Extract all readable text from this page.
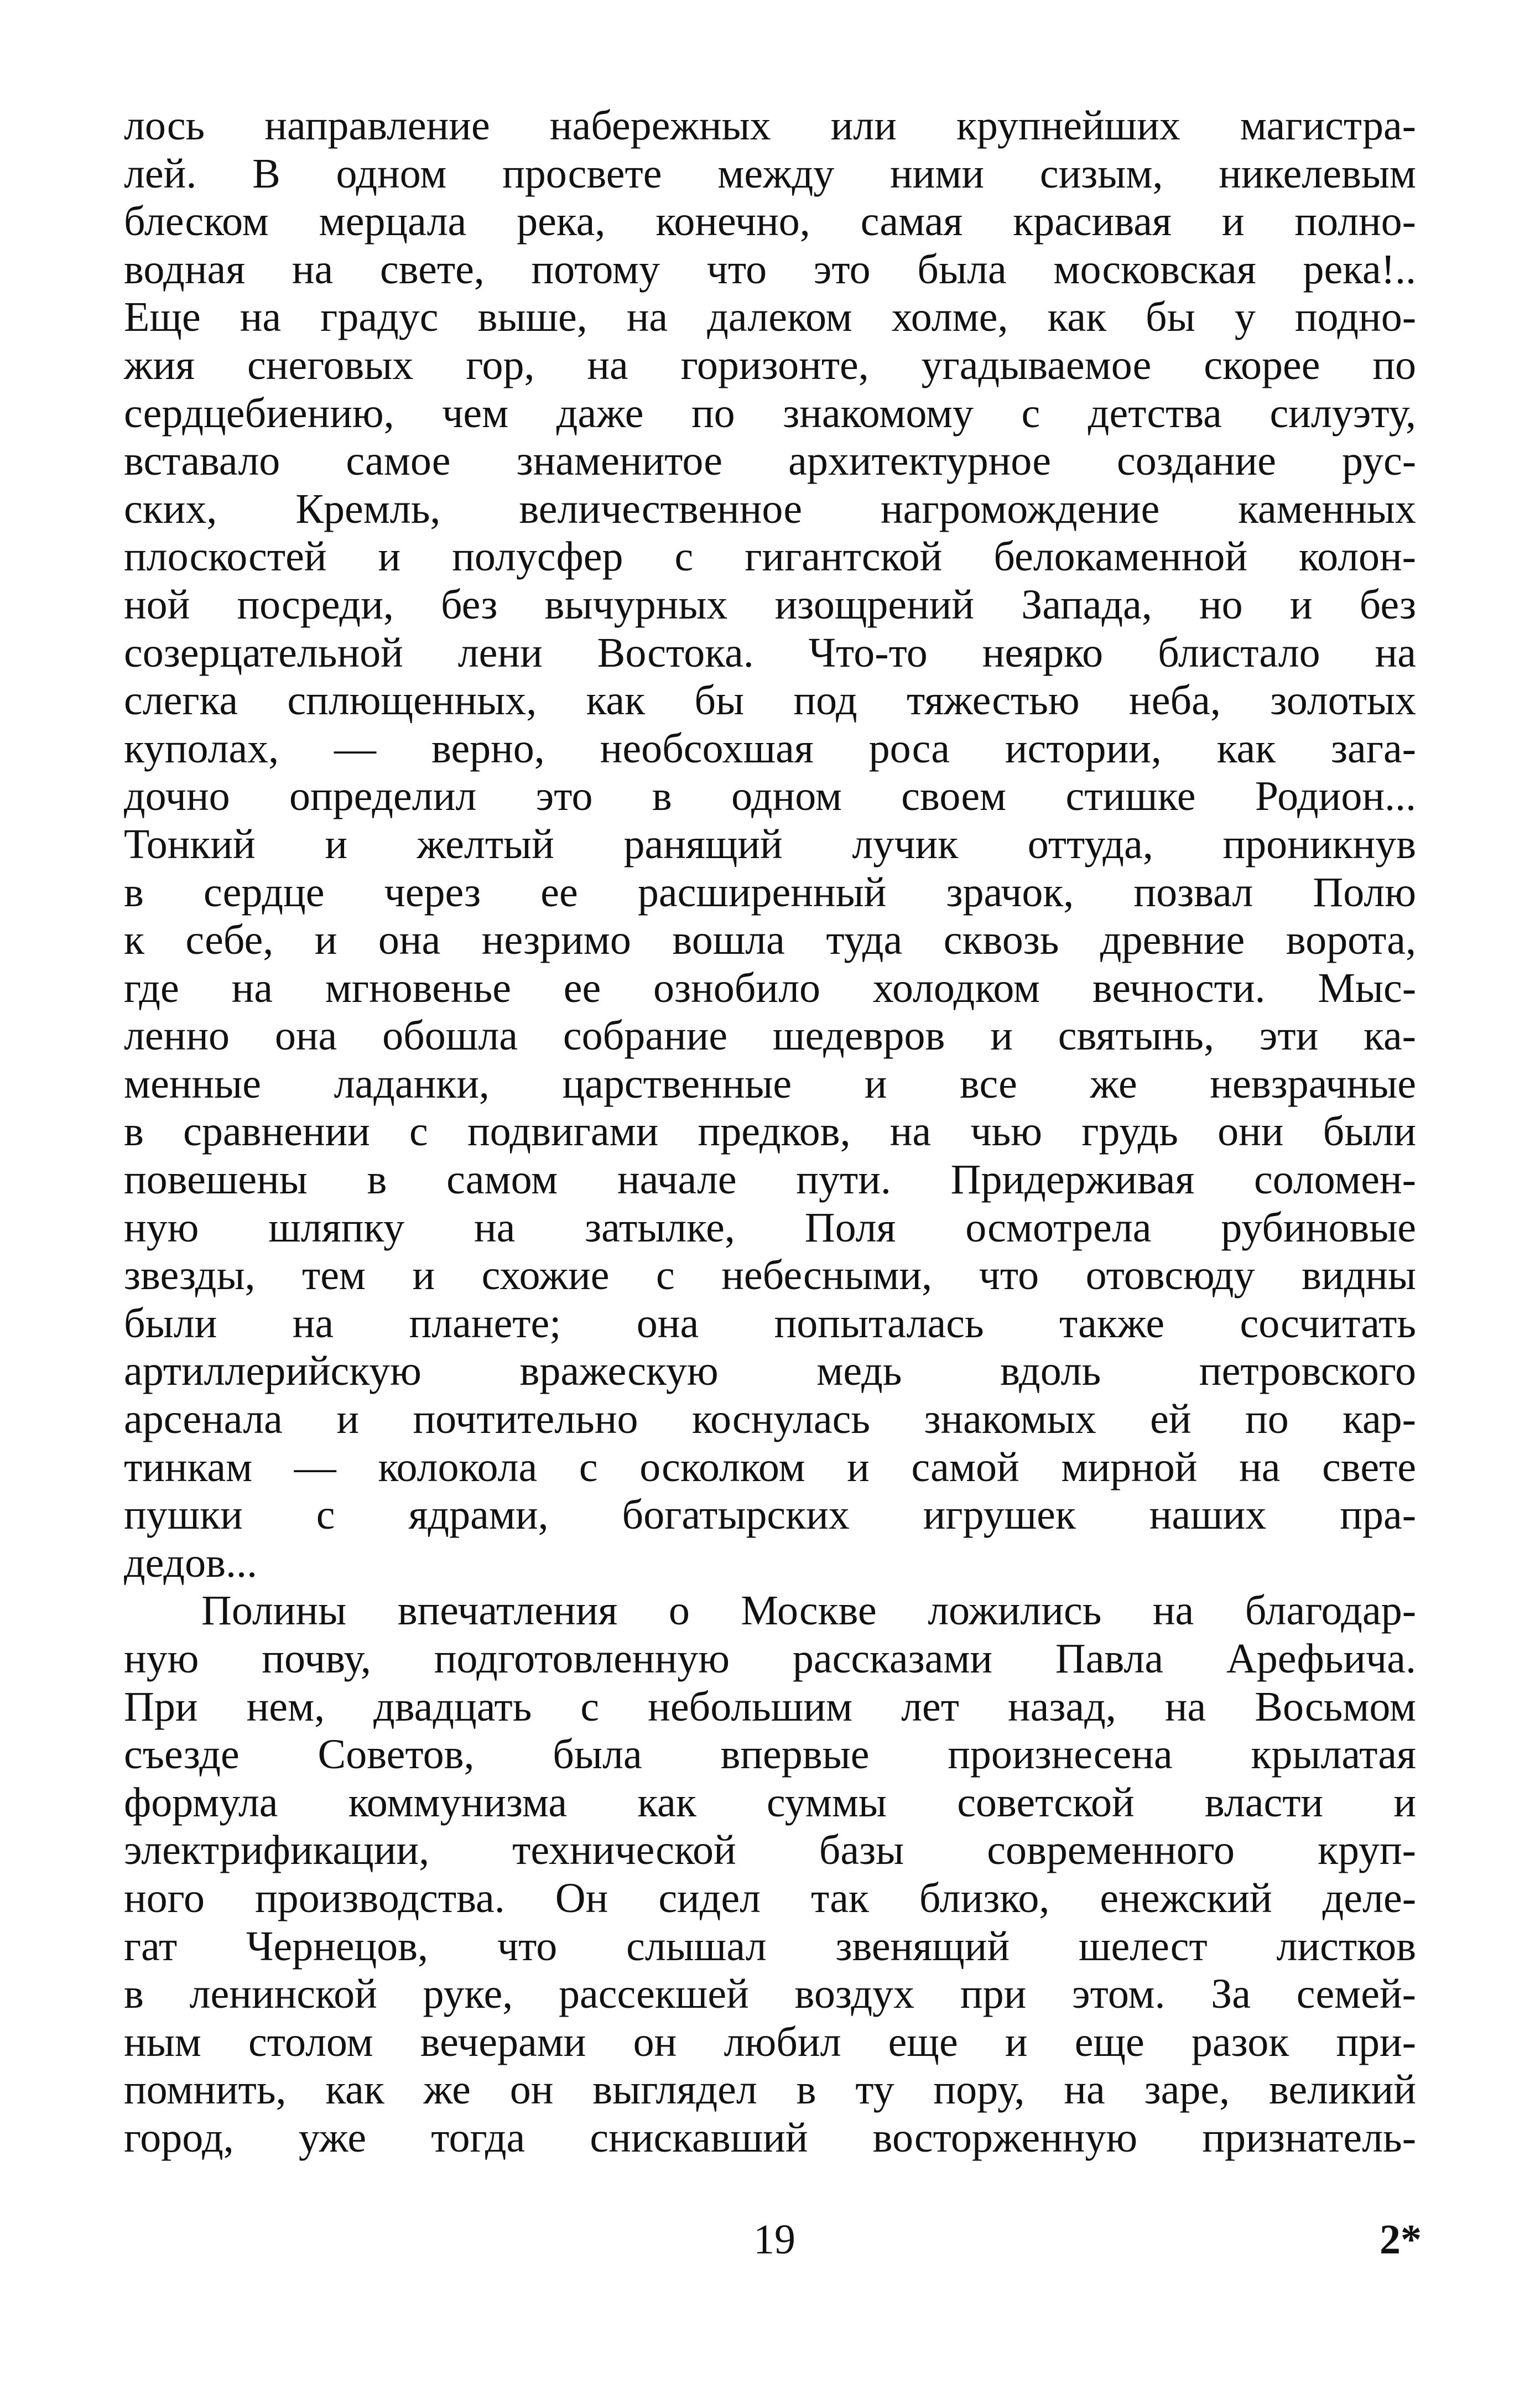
лось направление набережных или крупнейших магистра-
лей. В одном просвете между ними сизым, никелевым
блеском мерцала река, конечно, самая красивая и полно-
водная на свете, потому что это была московская река!..
Еще на градус выше, на далеком холме, как бы у подно-
жия снеговых гор, на горизонте, угадываемое скорее по
сердцебиению, чем даже по знакомому с детства силуэту,
вставало самое знаменитое архитектурное создание рус-
ских, Кремль, величественное нагромождение каменных
плоскостей и полусфер с гигантской белокаменной колон-
ной посреди, без вычурных изощрений Запада, но и без
созерцательной лени Востока. Что-то неярко блистало на
слегка сплющенных, как бы под тяжестью неба, золотых
куполах, — верно, необсохшая роса истории, как зага-
дочно определил это в одном своем стишке Родион...
Тонкий и желтый ранящий лучик оттуда, проникнув
в сердце через ее расширенный зрачок, позвал Полю
к себе, и она незримо вошла туда сквозь древние ворота,
где на мгновенье ее ознобило холодком вечности. Мыс-
ленно она обошла собрание шедевров и святынь, эти ка-
менные ладанки, царственные и все же невзрачные
в сравнении с подвигами предков, на чью грудь они были
повешены в самом начале пути. Придерживая соломен-
ную шляпку на затылке, Поля осмотрела рубиновые
звезды, тем и схожие с небесными, что отовсюду видны
были на планете; она попыталась также сосчитать
артиллерийскую вражескую медь вдоль петровского
арсенала и почтительно коснулась знакомых ей по кар-
тинкам — колокола с осколком и самой мирной на свете
пушки с ядрами, богатырских игрушек наших пра-
дедов...
Полины впечатления о Москве ложились на благодар-
ную почву, подготовленную рассказами Павла Арефьича.
При нем, двадцать с небольшим лет назад, на Восьмом
съезде Советов, была впервые произнесена крылатая
формула коммунизма как суммы советской власти и
электрификации, технической базы современного круп-
ного производства. Он сидел так близко, енежский деле-
гат Чернецов, что слышал звенящий шелест листков
в ленинской руке, рассекшей воздух при этом. За семей-
ным столом вечерами он любил еще и еще разок при-
помнить, как же он выглядел в ту пору, на заре, великий
город, уже тогда снискавший восторженную признатель-
19	2*
